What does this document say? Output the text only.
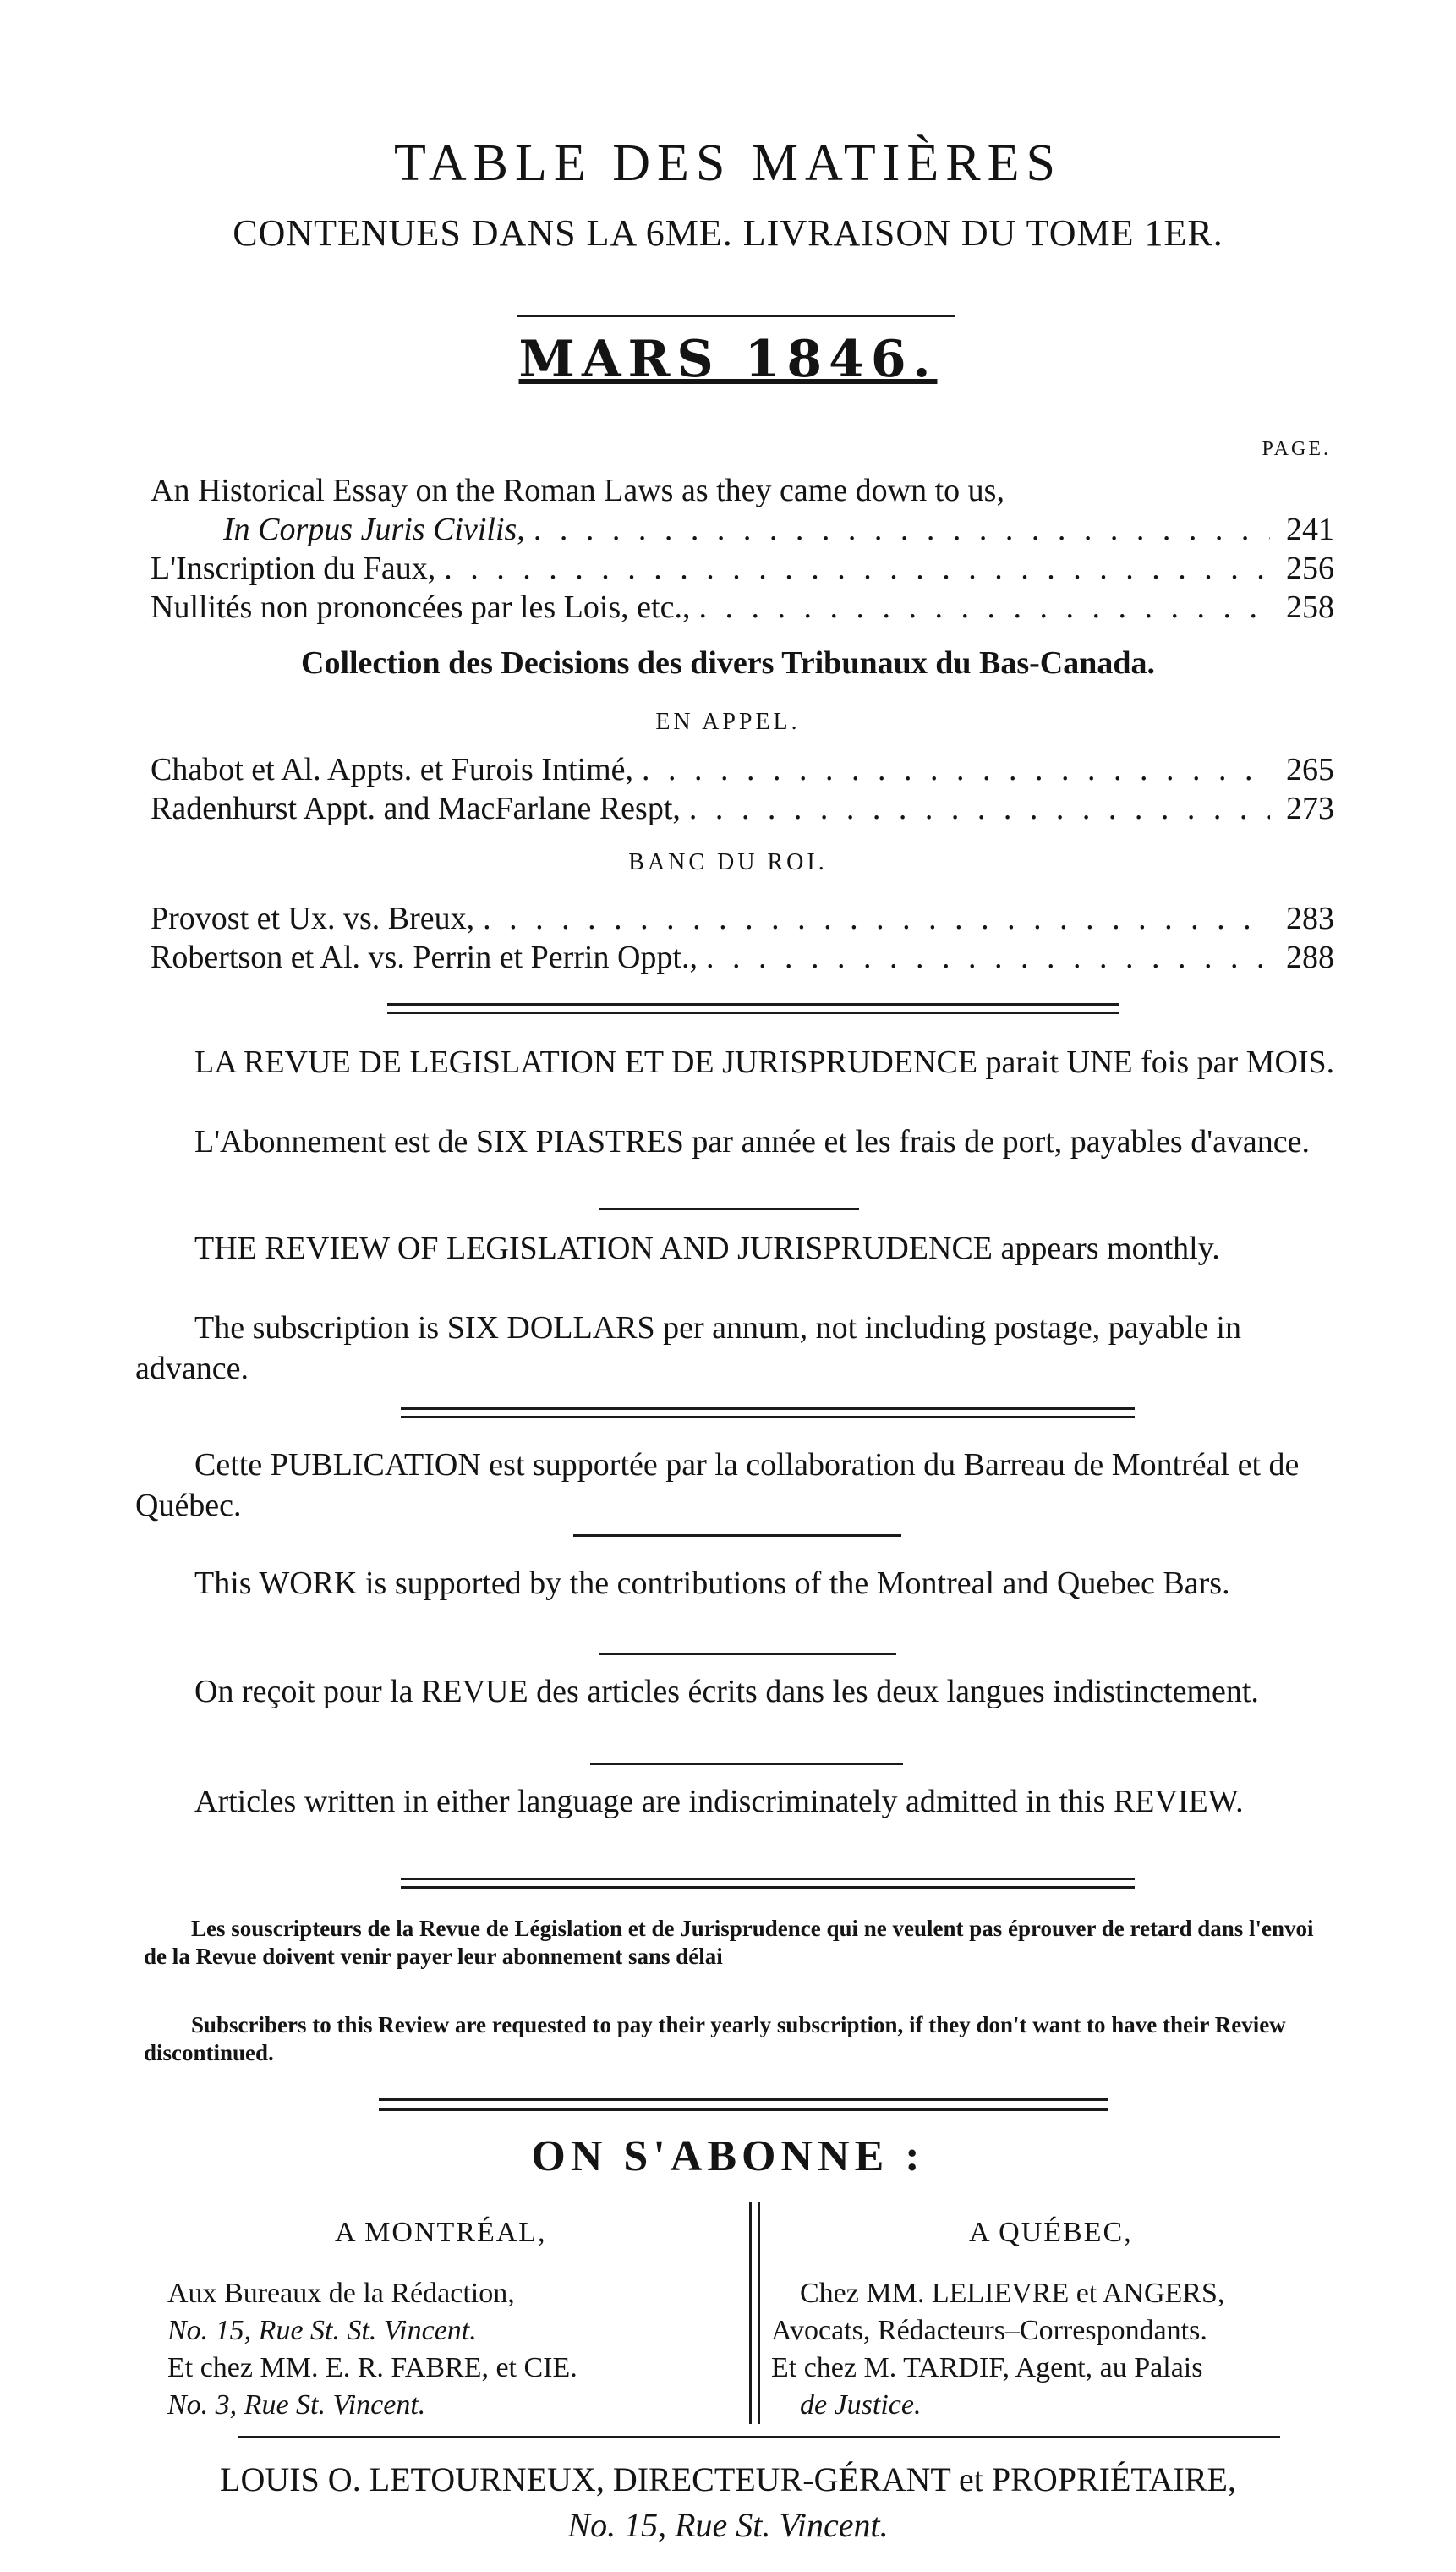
TABLE DES MATIÈRES
CONTENUES DANS LA 6ME. LIVRAISON DU TOME 1ER.
MARS 1846.
PAGE.
An Historical Essay on the Roman Laws as they came down to us,
In Corpus Juris Civilis, . . .	241
L'Inscription du Faux, . . .	256
Nullités non prononcées par les Lois, etc., . . .	258
Collection des Decisions des divers Tribunaux du Bas-Canada.
EN APPEL.
Chabot et Al. Appts. et Furois Intimé, . . .	265
Radenhurst Appt. and MacFarlane Respt, . . .	273
BANC DU ROI.
Provost et Ux. vs. Breux, . . .	283
Robertson et Al. vs. Perrin et Perrin Oppt., . . .	288
LA REVUE DE LEGISLATION ET DE JURISPRUDENCE parait UNE fois par MOIS.
L'Abonnement est de SIX PIASTRES par année et les frais de port, payables d'avance.
THE REVIEW OF LEGISLATION AND JURISPRUDENCE appears monthly.
The subscription is SIX DOLLARS per annum, not including postage, payable in advance.
Cette PUBLICATION est supportée par la collaboration du Barreau de Montréal et de Québec.
This WORK is supported by the contributions of the Montreal and Quebec Bars.
On reçoit pour la REVUE des articles écrits dans les deux langues indistinctement.
Articles written in either language are indiscriminately admitted in this REVIEW.
Les souscripteurs de la Revue de Législation et de Jurisprudence qui ne veulent pas éprouver de retard dans l'envoi de la Revue doivent venir payer leur abonnement sans délai
Subscribers to this Review are requested to pay their yearly subscription, if they don't want to have their Review discontinued.
ON S'ABONNE :
A MONTRÉAL,
Aux Bureaux de la Rédaction,
No. 15, Rue St. St. Vincent.
Et chez MM. E. R. FABRE, et CIE.
No. 3, Rue St. Vincent.
A QUÉBEC,
Chez MM. LELIEVRE et ANGERS,
Avocats, Rédacteurs–Correspondants.
Et chez M. TARDIF, Agent, au Palais
de Justice.
LOUIS O. LETOURNEUX, DIRECTEUR-GÉRANT et PROPRIÉTAIRE,
No. 15, Rue St. Vincent.
